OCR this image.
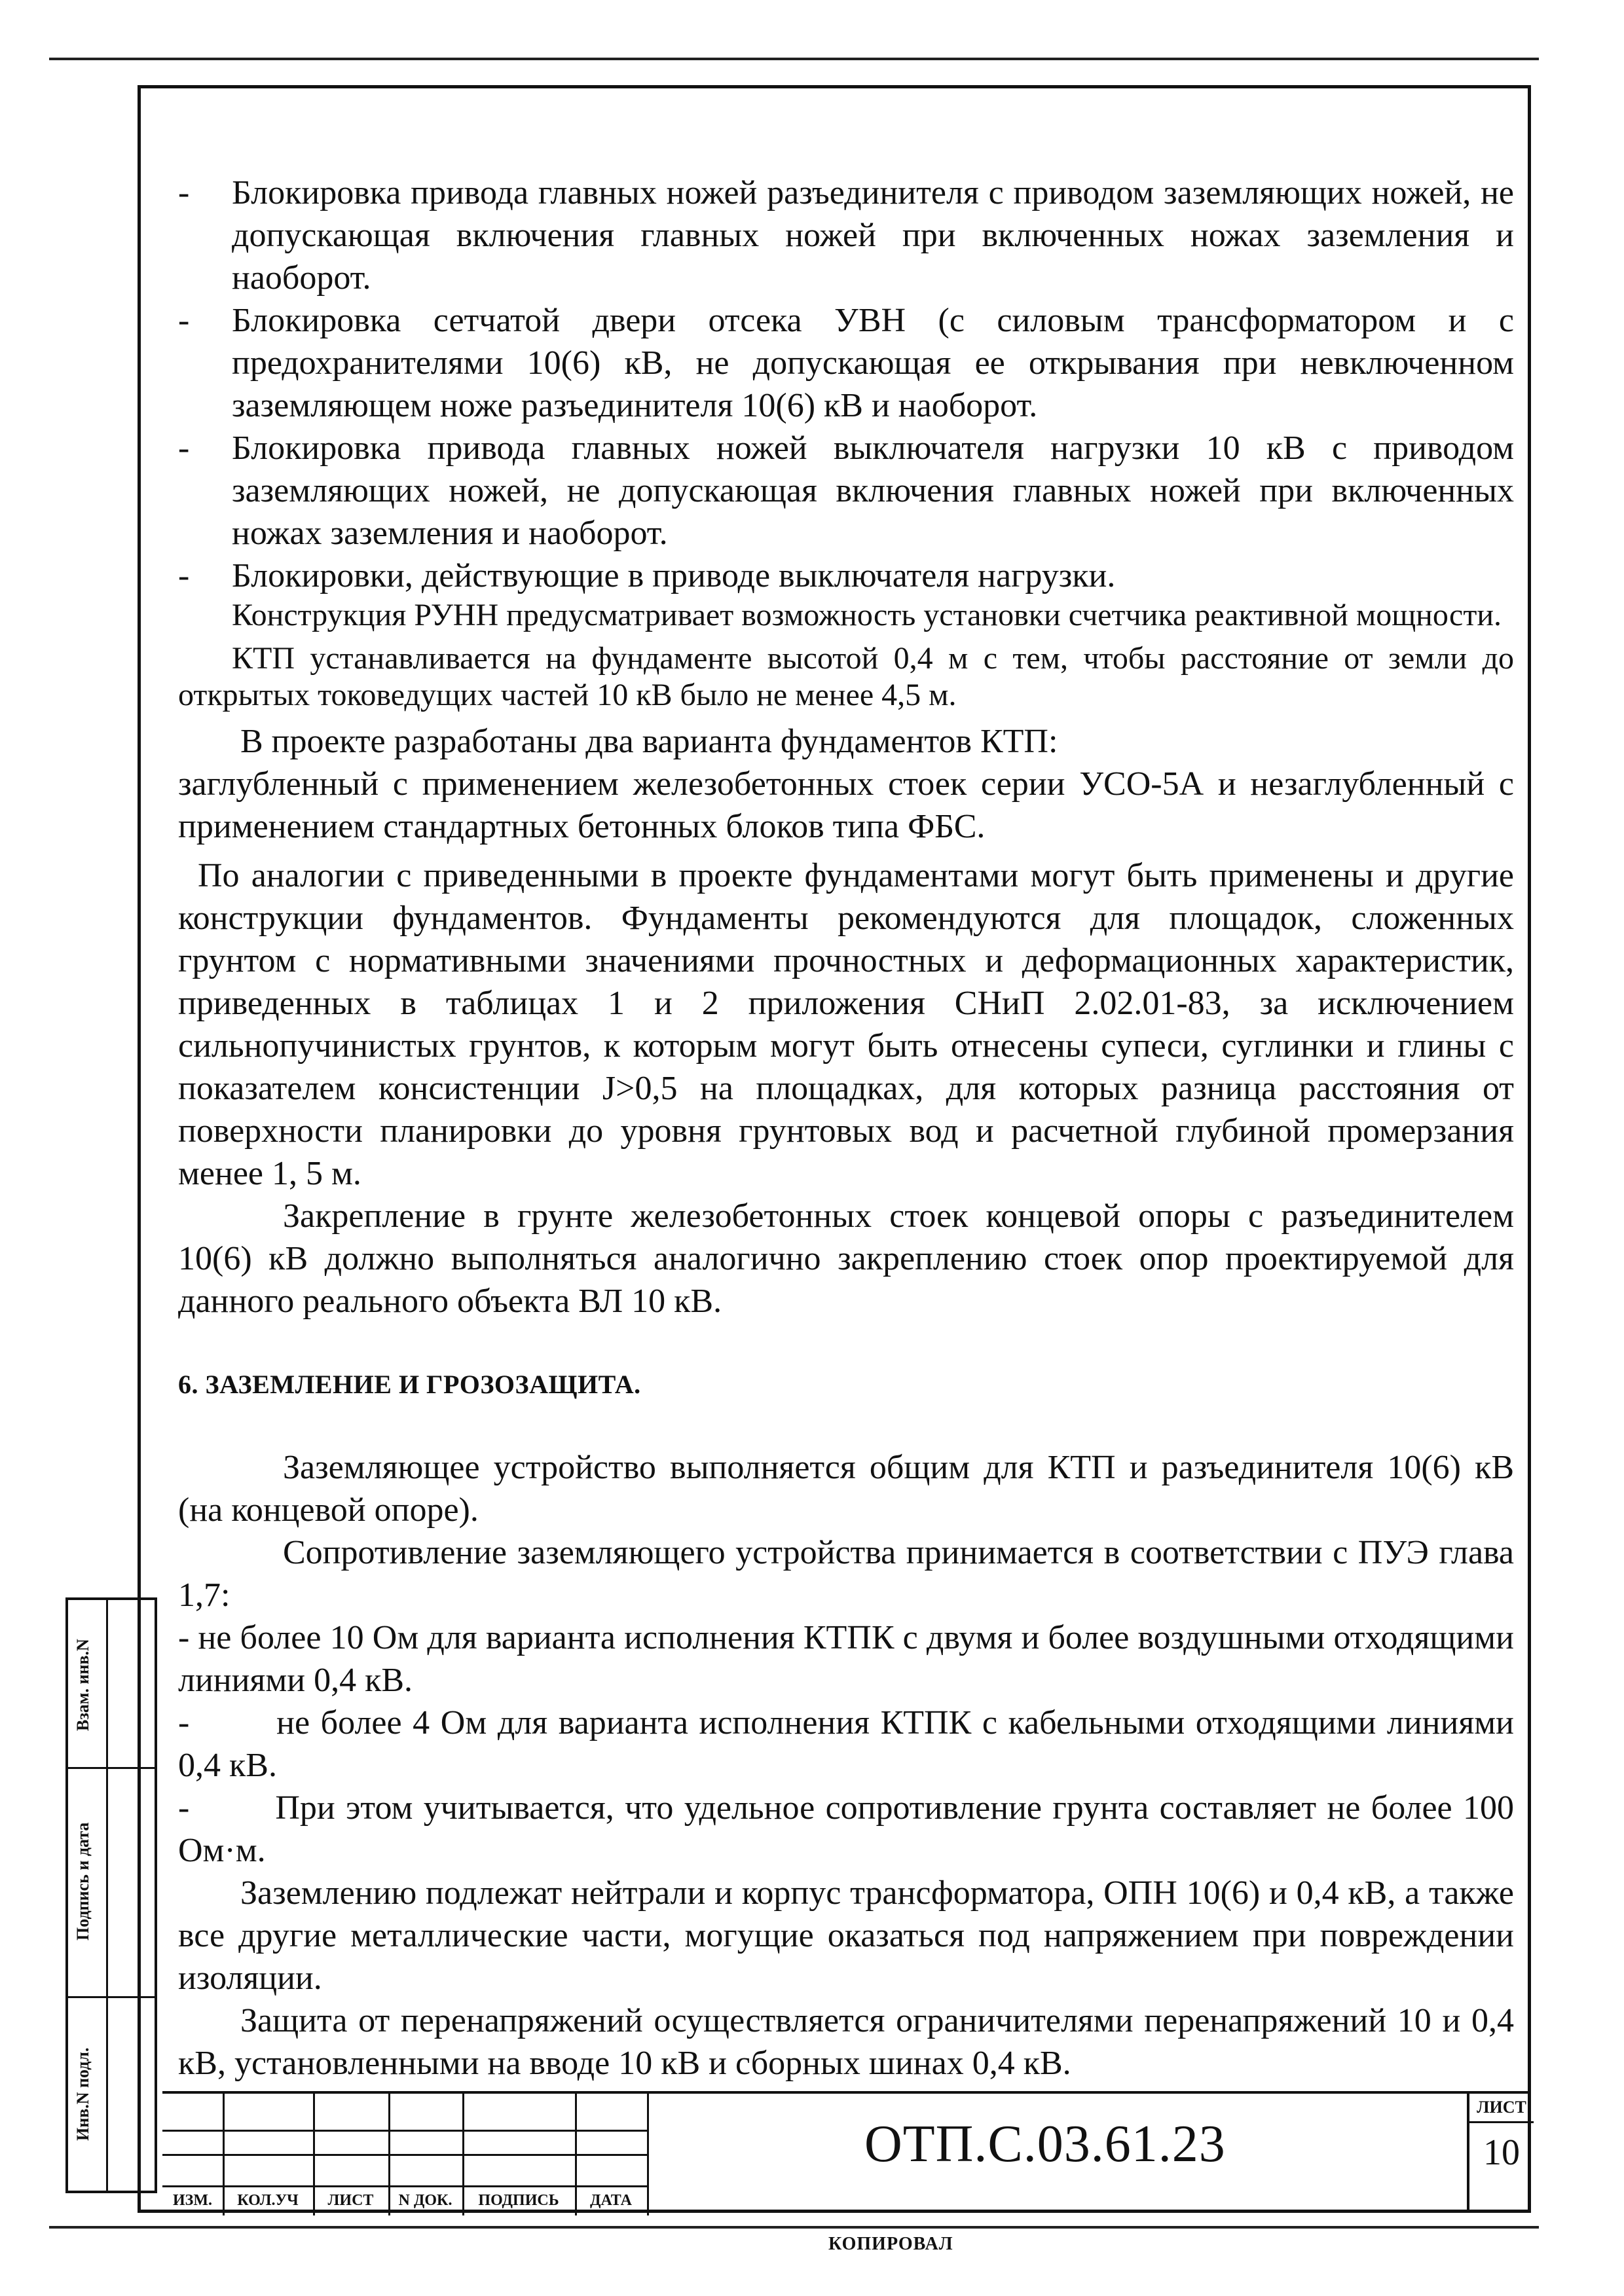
- Блокировка привода главных ножей разъединителя с приводом заземляющих ножей, не допускающая включения главных ножей при включенных ножах заземления и наоборот.

- Блокировка сетчатой двери отсека УВН (с силовым трансформатором и с предохранителями 10(6) кВ, не допускающая ее открывания при невключенном заземляющем ноже разъединителя 10(6) кВ и наоборот.

- Блокировка привода главных ножей выключателя нагрузки 10 кВ с приводом заземляющих ножей, не допускающая включения главных ножей при включенных ножах заземления и наоборот.

- Блокировки, действующие в приводе выключателя нагрузки.

Конструкция РУНН предусматривает возможность установки счетчика реактивной мощности.

КТП устанавливается на фундаменте высотой 0,4 м с тем, чтобы расстояние от земли до открытых токоведущих частей 10 кВ было не менее 4,5 м.

В проекте разработаны два варианта фундаментов КТП:

заглубленный с применением железобетонных стоек серии УСО-5А и незаглубленный с применением стандартных бетонных блоков типа ФБС.

По аналогии с приведенными в проекте фундаментами могут быть применены и другие конструкции фундаментов. Фундаменты рекомендуются для площадок, сложенных грунтом с нормативными значениями прочностных и деформационных характеристик, приведенных в таблицах 1 и 2 приложения СНиП 2.02.01-83, за исключением сильнопучинистых грунтов, к которым могут быть отнесены супеси, суглинки и глины с показателем консистенции J>0,5 на площадках, для которых разница расстояния от поверхности планировки до уровня грунтовых вод и расчетной глубиной промерзания менее 1, 5 м.

Закрепление в грунте железобетонных стоек концевой опоры с разъединителем 10(6) кВ должно выполняться аналогично закреплению стоек опор проектируемой для данного реального объекта ВЛ 10 кВ.

6. ЗАЗЕМЛЕНИЕ И ГРОЗОЗАЩИТА.

Заземляющее устройство выполняется общим для КТП и разъединителя 10(6) кВ (на концевой опоре).

Сопротивление заземляющего устройства принимается в соответствии с ПУЭ глава 1,7:

- не более 10 Ом для варианта исполнения КТПК с двумя и более воздушными отходящими линиями 0,4 кВ.

-        не более 4 Ом для варианта исполнения КТПК с кабельными отходящими линиями 0,4 кВ.

-        При этом учитывается, что удельное сопротивление грунта составляет не более 100 Ом·м.

Заземлению подлежат нейтрали и корпус трансформатора, ОПН 10(6) и 0,4 кВ, а также все другие металлические части, могущие оказаться под напряжением при повреждении изоляции.

Защита от перенапряжений осуществляется ограничителями перенапряжений 10 и 0,4 кВ, установленными на вводе 10 кВ и сборных шинах 0,4 кВ.

Взам. инв.N
Подпись и дата
Инв.N подл.
ИЗМ.	КОЛ.УЧ	ЛИСТ	N ДОК.	ПОДПИСЬ	ДАТА
ОТП.С.03.61.23
ЛИСТ
10
КОПИРОВАЛ
